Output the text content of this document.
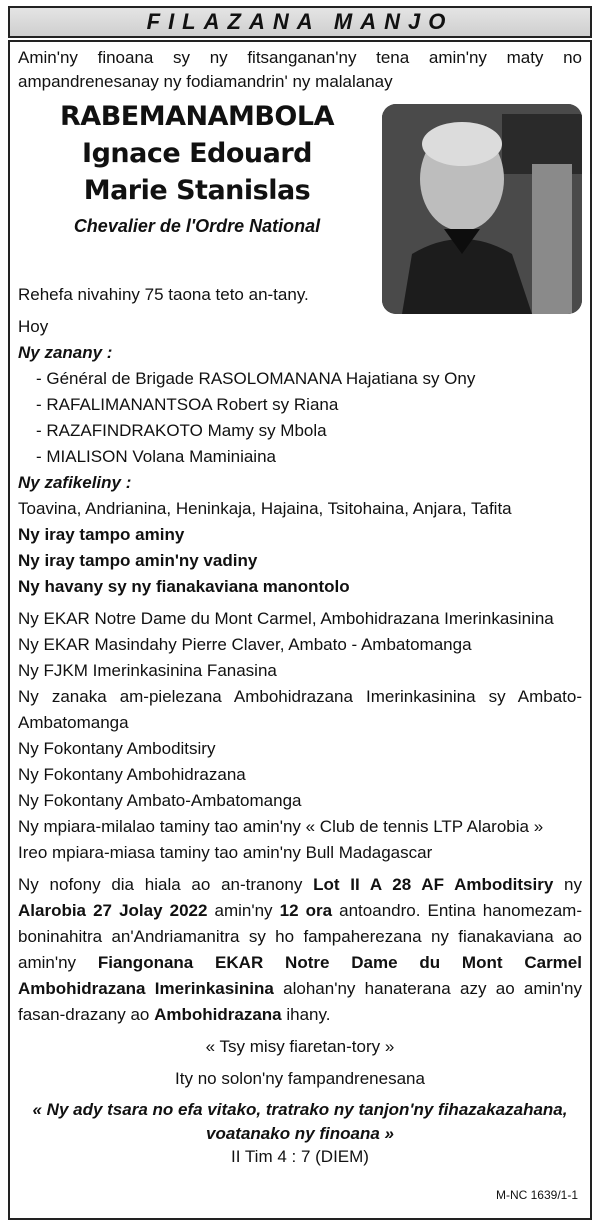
FILAZANA MANJO

Amin'ny finoana sy ny fitsanganan'ny tena amin'ny maty no ampandrenesanay ny fodiamandrin' ny malalanay

RABEMANAMBOLA
Ignace Edouard
Marie Stanislas
Chevalier de l'Ordre National

Rehefa nivahiny 75 taona teto an-tany.

Hoy

Ny zanany :

- Général de Brigade RASOLOMANANA Hajatiana sy Ony

- RAFALIMANANTSOA Robert sy Riana

- RAZAFINDRAKOTO Mamy sy Mbola

- MIALISON Volana Maminiaina

Ny zafikeliny :

Toavina, Andrianina, Heninkaja, Hajaina, Tsitohaina, Anjara, Tafita

Ny iray tampo aminy

Ny iray tampo amin'ny vadiny

Ny havany sy ny fianakaviana manontolo

Ny EKAR Notre Dame du Mont Carmel, Ambohidrazana Imerinkasinina

Ny EKAR Masindahy Pierre Claver, Ambato - Ambatomanga

Ny FJKM Imerinkasinina Fanasina

Ny zanaka am-pielezana Ambohidrazana Imerinkasinina sy Ambato-Ambatomanga

Ny Fokontany Amboditsiry

Ny Fokontany Ambohidrazana

Ny Fokontany Ambato-Ambatomanga

Ny mpiara-milalao taminy tao amin'ny « Club de tennis LTP Alarobia »

Ireo mpiara-miasa taminy tao amin'ny Bull Madagascar

Ny nofony dia hiala ao an-tranony Lot II A 28 AF Amboditsiry ny Alarobia 27 Jolay 2022 amin'ny 12 ora antoandro. Entina hanomezam-boninahitra an'Andriamanitra sy ho fampaherezana ny fianakaviana ao amin'ny Fiangonana EKAR Notre Dame du Mont Carmel Ambohidrazana Imerinkasinina alohan'ny hanaterana azy ao amin'ny fasan-drazany ao Ambohidrazana ihany.

« Tsy misy fiaretan-tory »

Ity no solon'ny fampandrenesana

« Ny ady tsara no efa vitako, tratrako ny tanjon'ny fihazakazahana, voatanako ny finoana »

II Tim 4 : 7 (DIEM)

M-NC 1639/1-1
